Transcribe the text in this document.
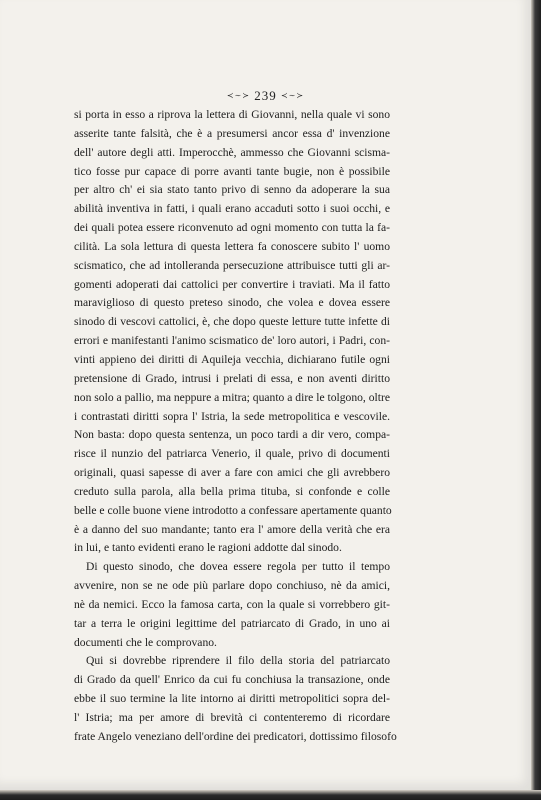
≺∼≻ 239 ≺∼≻
si porta in esso a riprova la lettera di Giovanni, nella quale vi sono
asserite tante falsità, che è a presumersi ancor essa d' invenzione
dell' autore degli atti. Imperocchè, ammesso che Giovanni scisma-
tico fosse pur capace di porre avanti tante bugie, non è possibile
per altro ch' ei sia stato tanto privo di senno da adoperare la sua
abilità inventiva in fatti, i quali erano accaduti sotto i suoi occhi, e
dei quali potea essere riconvenuto ad ogni momento con tutta la fa-
cilità. La sola lettura di questa lettera fa conoscere subito l' uomo
scismatico, che ad intolleranda persecuzione attribuisce tutti gli ar-
gomenti adoperati dai cattolici per convertire i traviati. Ma il fatto
maraviglioso di questo preteso sinodo, che volea e dovea essere
sinodo di vescovi cattolici, è, che dopo queste letture tutte infette di
errori e manifestanti l'animo scismatico de' loro autori, i Padri, con-
vinti appieno dei diritti di Aquileja vecchia, dichiarano futile ogni
pretensione di Grado, intrusi i prelati di essa, e non aventi diritto
non solo a pallio, ma neppure a mitra; quanto a dire le tolgono, oltre
i contrastati diritti sopra l' Istria, la sede metropolitica e vescovile.
Non basta: dopo questa sentenza, un poco tardi a dir vero, compa-
risce il nunzio del patriarca Venerio, il quale, privo di documenti
originali, quasi sapesse di aver a fare con amici che gli avrebbero
creduto sulla parola, alla bella prima titubа, si confonde e colle
belle e colle buone viene introdotto a confessare apertamente quanto
è a danno del suo mandante; tanto era l' amore della verità che era
in lui, e tanto evidenti erano le ragioni addotte dal sinodo.
Di questo sinodo, che dovea essere regola per tutto il tempo
avvenire, non se ne ode più parlare dopo conchiuso, nè da amici,
nè da nemici. Ecco la famosa carta, con la quale si vorrebbero git-
tar a terra le origini legittime del patriarcato di Grado, in uno ai
documenti che le comprovano.
Qui si dovrebbe riprendere il filo della storia del patriarcato
di Grado da quell' Enrico da cui fu conchiusa la transazione, onde
ebbe il suo termine la lite intorno ai diritti metropolitici sopra del-
l' Istria; ma per amore di brevità ci contenteremo di ricordare
frate Angelo veneziano dell'ordine dei predicatori, dottissimo filosofo
